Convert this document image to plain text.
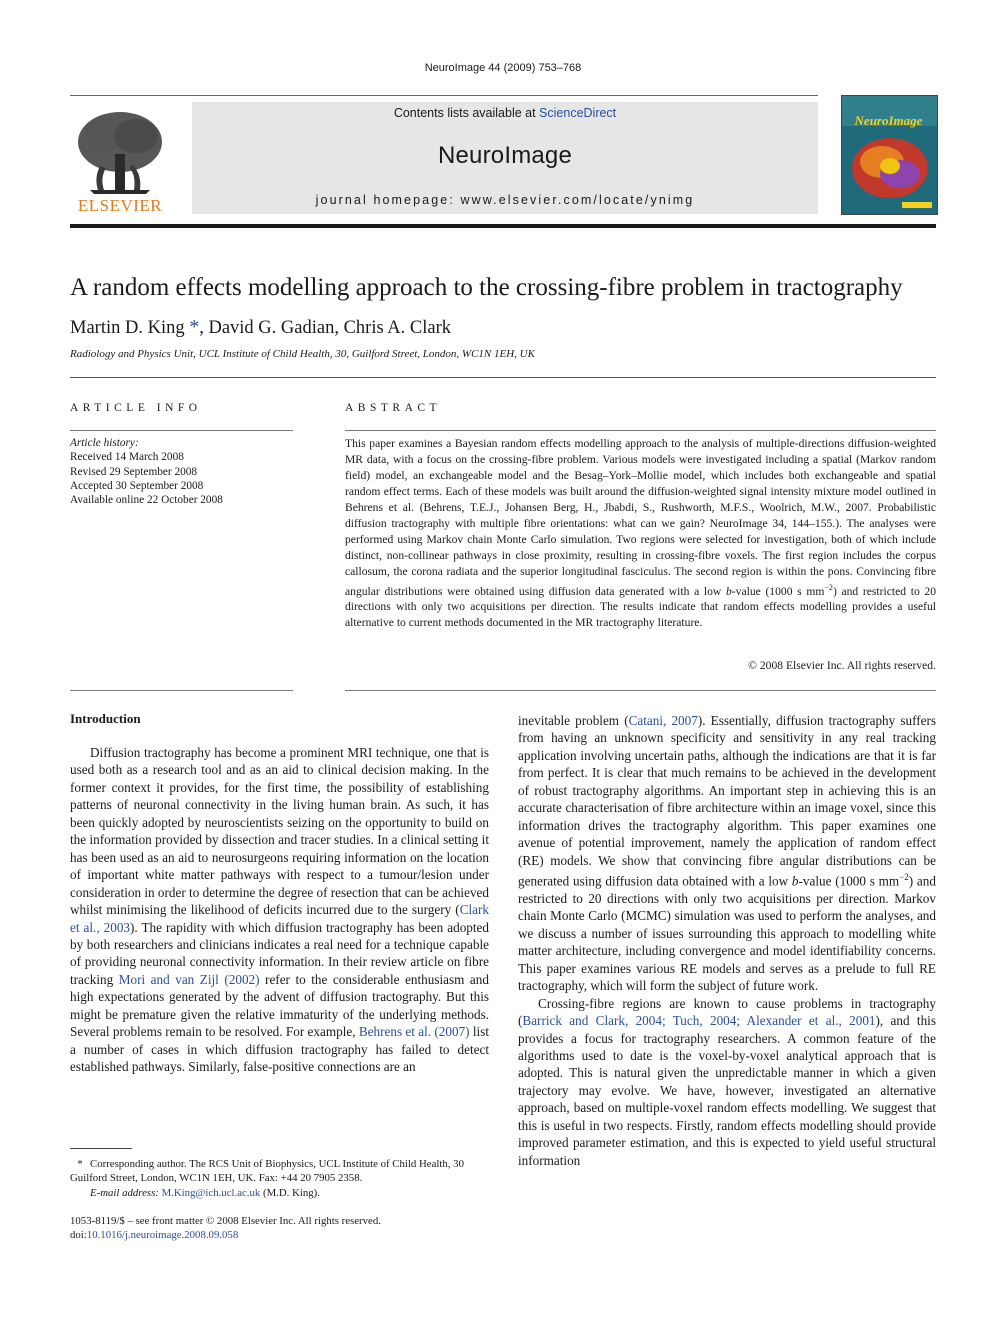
NeuroImage 44 (2009) 753–768
Contents lists available at ScienceDirect
NeuroImage
journal homepage: www.elsevier.com/locate/ynimg
ELSEVIER
NeuroImage
A random effects modelling approach to the crossing-fibre problem in tractography
Martin D. King *, David G. Gadian, Chris A. Clark
Radiology and Physics Unit, UCL Institute of Child Health, 30, Guilford Street, London, WC1N 1EH, UK
ARTICLE INFO
Article history:
Received 14 March 2008
Revised 29 September 2008
Accepted 30 September 2008
Available online 22 October 2008
ABSTRACT
This paper examines a Bayesian random effects modelling approach to the analysis of multiple-directions diffusion-weighted MR data, with a focus on the crossing-fibre problem. Various models were investigated including a spatial (Markov random field) model, an exchangeable model and the Besag–York–Mollie model, which includes both exchangeable and spatial random effect terms. Each of these models was built around the diffusion-weighted signal intensity mixture model outlined in Behrens et al. (Behrens, T.E.J., Johansen Berg, H., Jbabdi, S., Rushworth, M.F.S., Woolrich, M.W., 2007. Probabilistic diffusion tractography with multiple fibre orientations: what can we gain? NeuroImage 34, 144–155.). The analyses were performed using Markov chain Monte Carlo simulation. Two regions were selected for investigation, both of which include distinct, non-collinear pathways in close proximity, resulting in crossing-fibre voxels. The first region includes the corpus callosum, the corona radiata and the superior longitudinal fasciculus. The second region is within the pons. Convincing fibre angular distributions were obtained using diffusion data generated with a low b-value (1000 s $mm^{-2}$) and restricted to 20 directions with only two acquisitions per direction. The results indicate that random effects modelling provides a useful alternative to current methods documented in the MR tractography literature.
© 2008 Elsevier Inc. All rights reserved.
Introduction

Diffusion tractography has become a prominent MRI technique, one that is used both as a research tool and as an aid to clinical decision making. In the former context it provides, for the first time, the possibility of establishing patterns of neuronal connectivity in the living human brain. As such, it has been quickly adopted by neuroscientists seizing on the opportunity to build on the information provided by dissection and tracer studies. In a clinical setting it has been used as an aid to neurosurgeons requiring information on the location of important white matter pathways with respect to a tumour/lesion under consideration in order to determine the degree of resection that can be achieved whilst minimising the likelihood of deficits incurred due to the surgery (Clark et al., 2003). The rapidity with which diffusion tractography has been adopted by both researchers and clinicians indicates a real need for a technique capable of providing neuronal connectivity information. In their review article on fibre tracking Mori and van Zijl (2002) refer to the considerable enthusiasm and high expectations generated by the advent of diffusion tractography. But this might be premature given the relative immaturity of the underlying methods. Several problems remain to be resolved. For example, Behrens et al. (2007) list a number of cases in which diffusion tractography has failed to detect established pathways. Similarly, false-positive connections are an

inevitable problem (Catani, 2007). Essentially, diffusion tractography suffers from having an unknown specificity and sensitivity in any real tracking application involving uncertain paths, although the indications are that it is far from perfect. It is clear that much remains to be achieved in the development of robust tractography algorithms. An important step in achieving this is an accurate characterisation of fibre architecture within an image voxel, since this information drives the tractography algorithm. This paper examines one avenue of potential improvement, namely the application of random effect (RE) models. We show that convincing fibre angular distributions can be generated using diffusion data obtained with a low b-value (1000 s $mm^{-2}$) and restricted to 20 directions with only two acquisitions per direction. Markov chain Monte Carlo (MCMC) simulation was used to perform the analyses, and we discuss a number of issues surrounding this approach to modelling white matter architecture, including convergence and model identifiability concerns. This paper examines various RE models and serves as a prelude to full RE tractography, which will form the subject of future work.

Crossing-fibre regions are known to cause problems in tractography (Barrick and Clark, 2004; Tuch, 2004; Alexander et al., 2001), and this provides a focus for tractography researchers. A common feature of the algorithms used to date is the voxel-by-voxel analytical approach that is adopted. This is natural given the unpredictable manner in which a given trajectory may evolve. We have, however, investigated an alternative approach, based on multiple-voxel random effects modelling. We suggest that this is useful in two respects. Firstly, random effects modelling should provide improved parameter estimation, and this is expected to yield useful structural information

* Corresponding author. The RCS Unit of Biophysics, UCL Institute of Child Health, 30 Guilford Street, London, WC1N 1EH, UK. Fax: +44 20 7905 2358.
E-mail address: M.King@ich.ucl.ac.uk (M.D. King).
1053-8119/$ – see front matter © 2008 Elsevier Inc. All rights reserved.
doi:10.1016/j.neuroimage.2008.09.058
